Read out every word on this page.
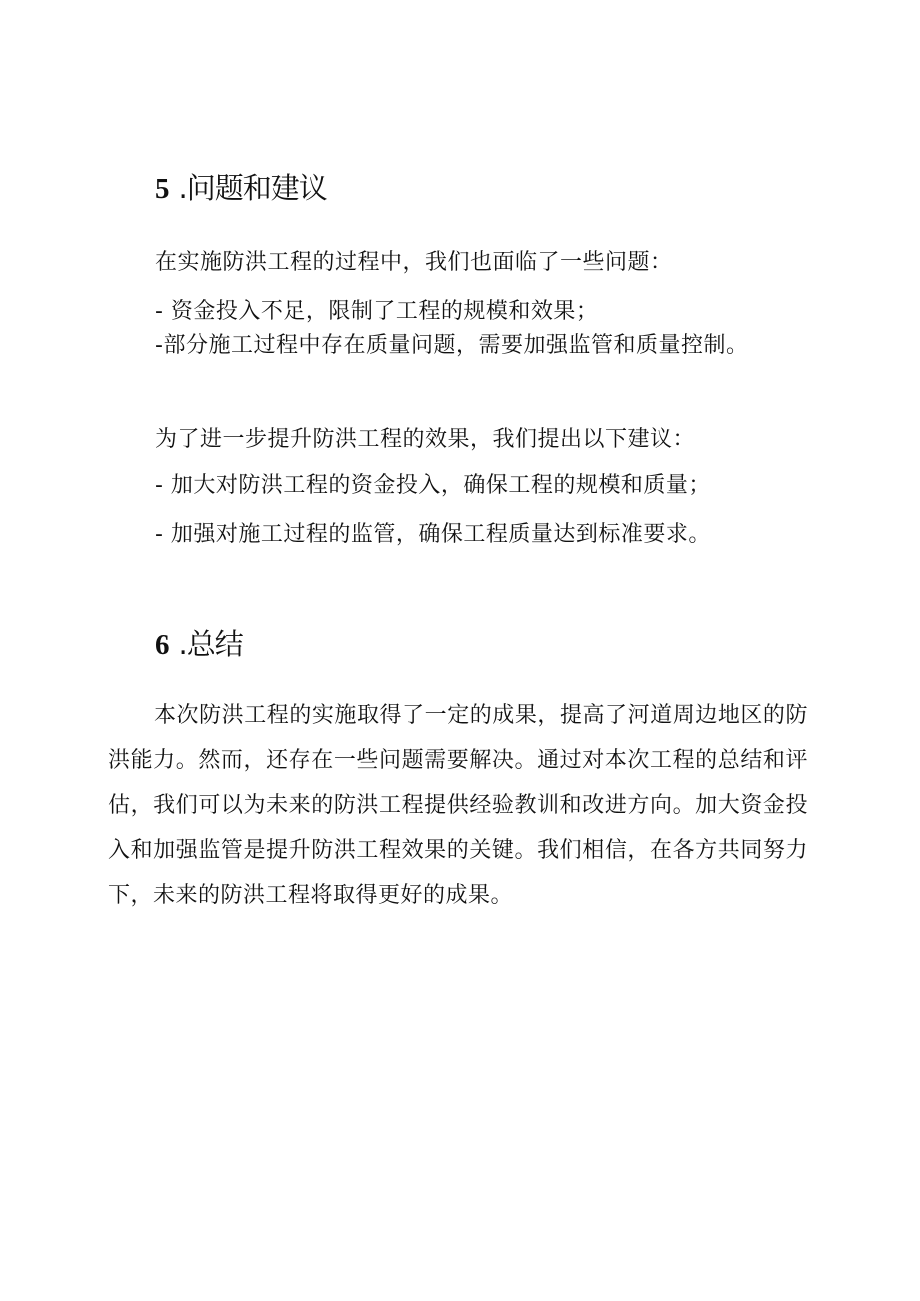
5 .问题和建议

在实施防洪工程的过程中，我们也面临了一些问题：

- 资金投入不足，限制了工程的规模和效果；

-部分施工过程中存在质量问题，需要加强监管和质量控制。

为了进一步提升防洪工程的效果，我们提出以下建议：

- 加大对防洪工程的资金投入，确保工程的规模和质量；

- 加强对施工过程的监管，确保工程质量达到标准要求。

6 .总结

本次防洪工程的实施取得了一定的成果，提高了河道周边地区的防洪能力。然而，还存在一些问题需要解决。通过对本次工程的总结和评估，我们可以为未来的防洪工程提供经验教训和改进方向。加大资金投入和加强监管是提升防洪工程效果的关键。我们相信，在各方共同努力下，未来的防洪工程将取得更好的成果。
